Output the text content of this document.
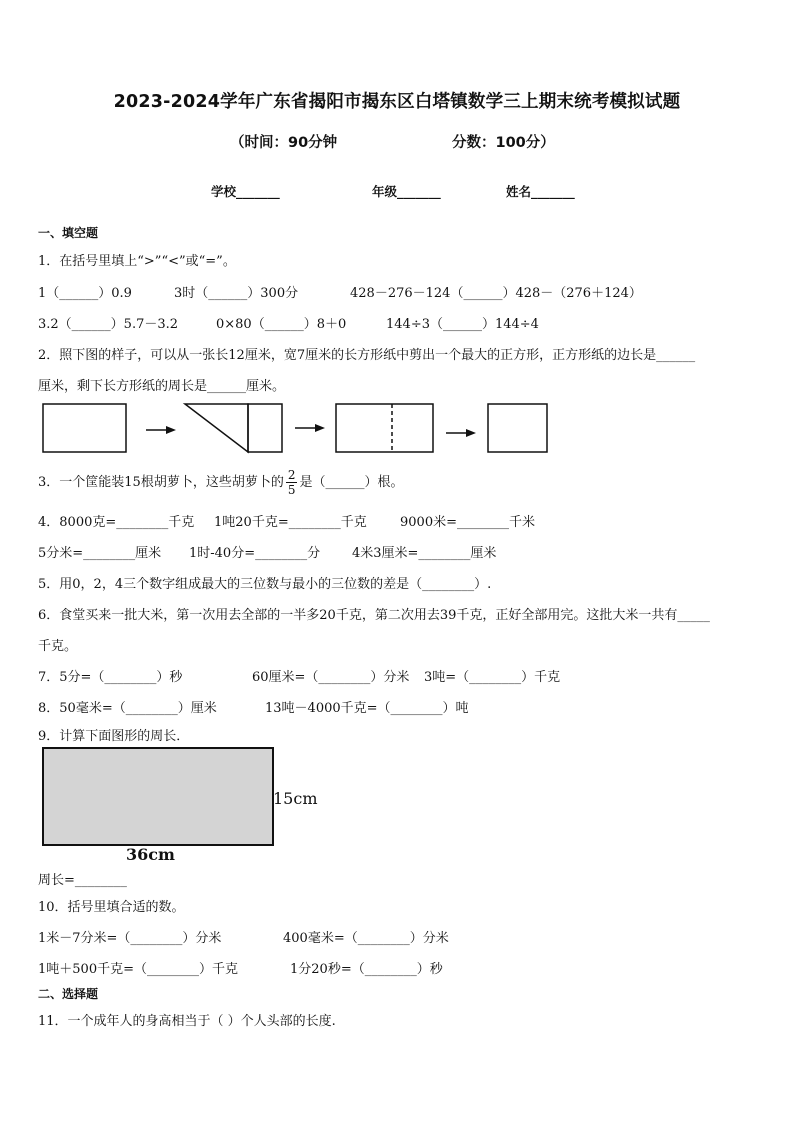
2023-2024学年广东省揭阳市揭东区白塔镇数学三上期末统考模拟试题
（时间：90分钟	分数：100分）
学校_______	年级_______	姓名_______
一、填空题
1．在括号里填上“>”“<”或“=”。
1（______）0.9	3时（______）300分	428－276－124（______）428－（276＋124）
3.2（______）5.7－3.2	0×80（______）8＋0	144÷3（______）144÷4
2．照下图的样子，可以从一张长12厘米，宽7厘米的长方形纸中剪出一个最大的正方形，正方形纸的边长是______
厘米，剩下长方形纸的周长是______厘米。
3．一个筐能装15根胡萝卜，这些胡萝卜的 $\frac{2}{5}$ 是（______）根。
4．8000克=________千克 1吨20千克=________千克	9000米=________千米
5分米=________厘米 1时-40分=________分 4米3厘米=________厘米
5．用0，2，4三个数字组成最大的三位数与最小的三位数的差是（________）.
6．食堂买来一批大米，第一次用去全部的一半多20千克，第二次用去39千克，正好全部用完。这批大米一共有_____
千克。
7．5分=（________）秒	60厘米=（________）分米 3吨=（________）千克
8．50毫米=（________）厘米	13吨－4000千克=（________）吨
9．计算下面图形的周长．
15cm
36cm
周长=________
10．括号里填合适的数。
1米－7分米=（________）分米	400毫米=（________）分米
1吨＋500千克=（________）千克	1分20秒=（________）秒
二、选择题
11．一个成年人的身高相当于（ ）个人头部的长度.
